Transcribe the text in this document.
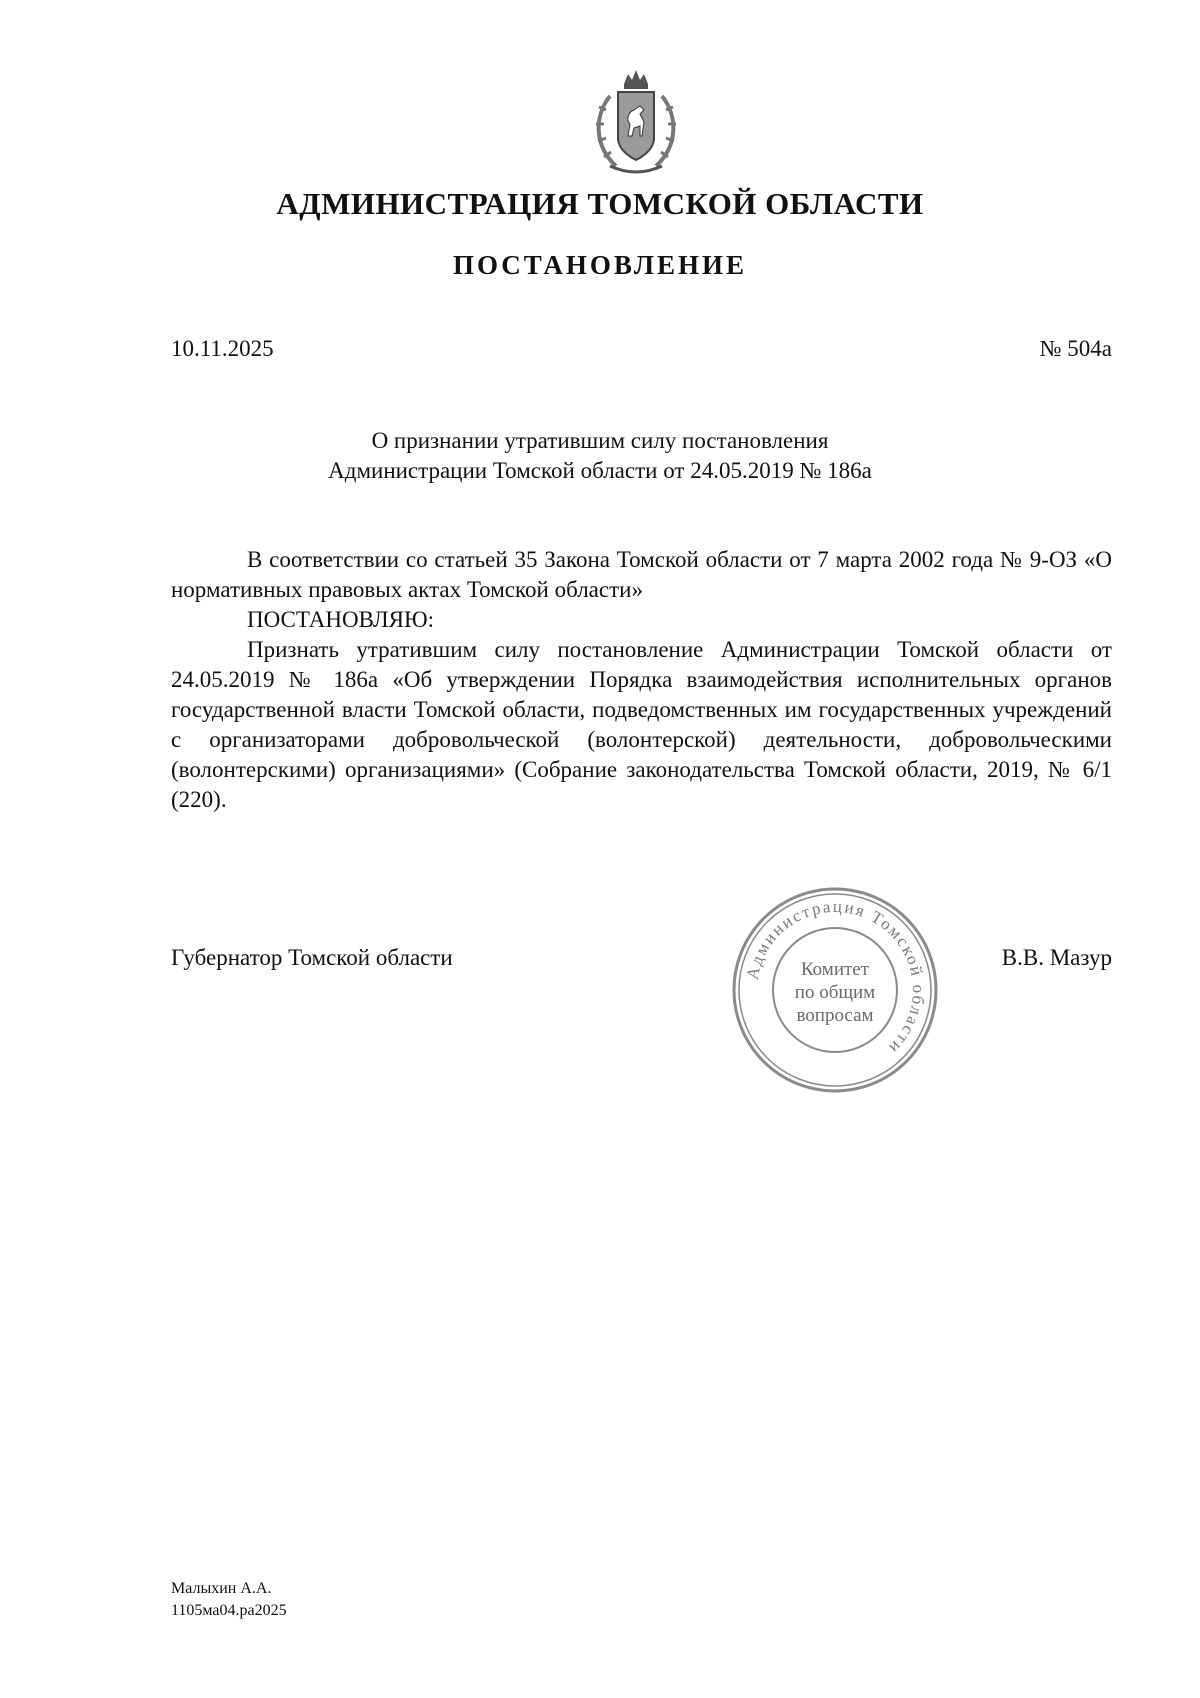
АДМИНИСТРАЦИЯ ТОМСКОЙ ОБЛАСТИ
ПОСТАНОВЛЕНИЕ
10.11.2025	№ 504а
О признании утратившим силу постановления
Администрации Томской области от 24.05.2019 № 186а

В соответствии со статьей 35 Закона Томской области от 7 марта 2002 года № 9-ОЗ «О нормативных правовых актах Томской области»

ПОСТАНОВЛЯЮ:

Признать утратившим силу постановление Администрации Томской области от 24.05.2019 № 186а «Об утверждении Порядка взаимодействия исполнительных органов государственной власти Томской области, подведомственных им государственных учреждений с организаторами добровольческой (волонтерской) деятельности, добровольческими (волонтерскими) организациями» (Собрание законодательства Томской области, 2019, № 6/1 (220).

Губернатор Томской области	В.В. Мазур
Администрация Томской области
Комитет
по общим
вопросам
Малыхин А.А.
1105ма04.ра2025
